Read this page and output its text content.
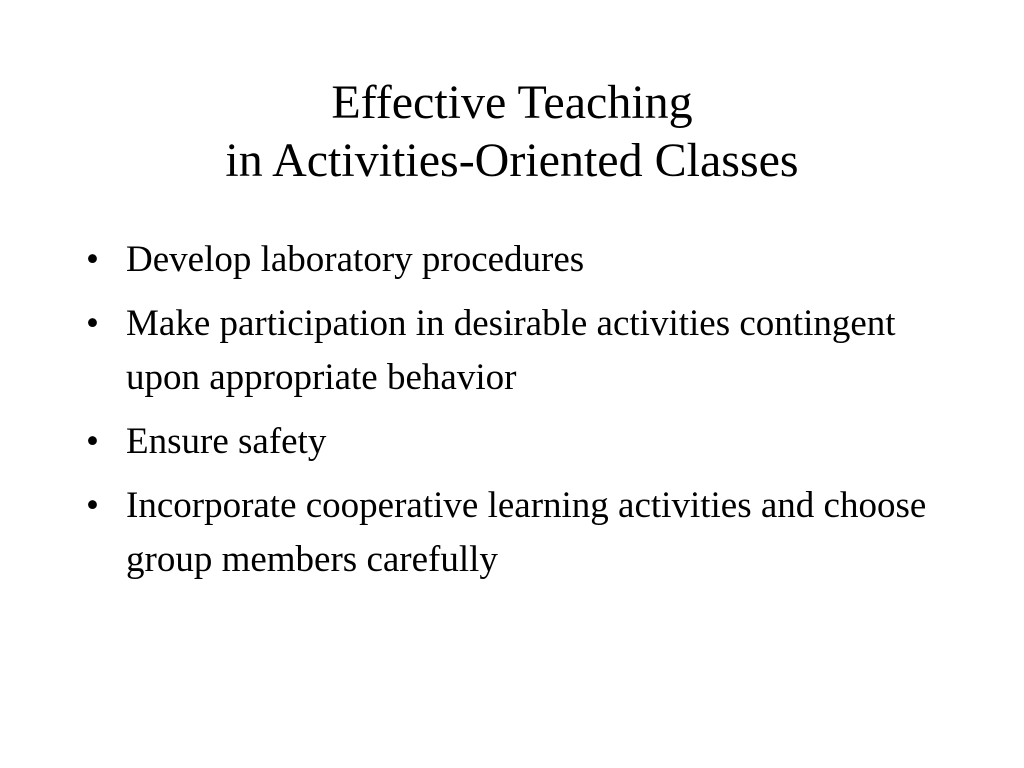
Effective Teaching
in Activities-Oriented Classes
• Develop laboratory procedures
• Make participation in desirable activities contingent upon appropriate behavior
• Ensure safety
• Incorporate cooperative learning activities and choose group members carefully
